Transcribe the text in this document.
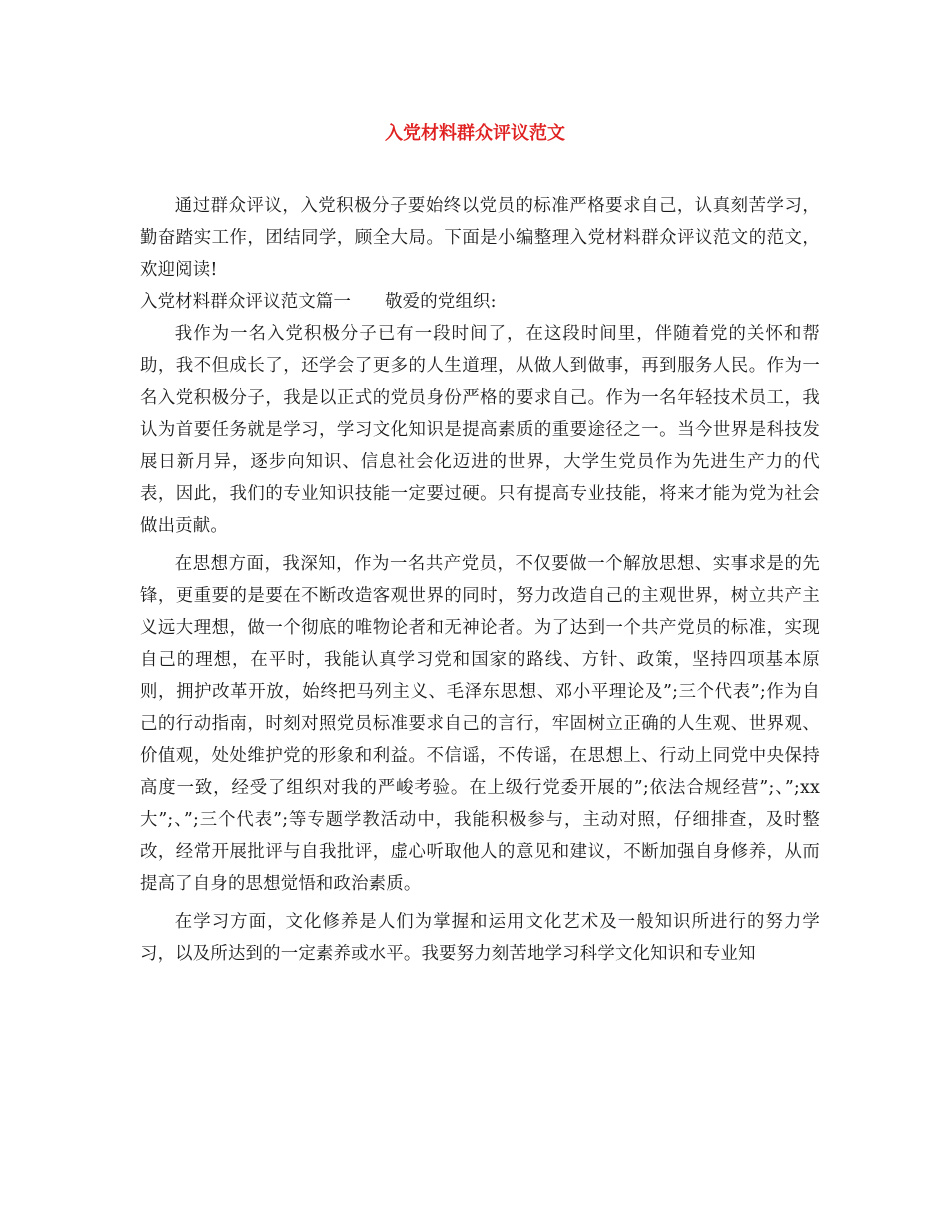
入党材料群众评议范文

通过群众评议，入党积极分子要始终以党员的标准严格要求自己，认真刻苦学习，勤奋踏实工作，团结同学，顾全大局。下面是小编整理入党材料群众评议范文的范文，欢迎阅读!

入党材料群众评议范文篇一 敬爱的党组织:

我作为一名入党积极分子已有一段时间了，在这段时间里，伴随着党的关怀和帮助，我不但成长了，还学会了更多的人生道理，从做人到做事，再到服务人民。作为一名入党积极分子，我是以正式的党员身份严格的要求自己。作为一名年轻技术员工，我认为首要任务就是学习，学习文化知识是提高素质的重要途径之一。当今世界是科技发展日新月异，逐步向知识、信息社会化迈进的世界，大学生党员作为先进生产力的代表，因此，我们的专业知识技能一定要过硬。只有提高专业技能，将来才能为党为社会做出贡献。

在思想方面，我深知，作为一名共产党员，不仅要做一个解放思想、实事求是的先锋，更重要的是要在不断改造客观世界的同时，努力改造自己的主观世界，树立共产主义远大理想，做一个彻底的唯物论者和无神论者。为了达到一个共产党员的标准，实现自己的理想，在平时，我能认真学习党和国家的路线、方针、政策，坚持四项基本原则，拥护改革开放，始终把马列主义、毛泽东思想、邓小平理论及”;三个代表”;作为自己的行动指南，时刻对照党员标准要求自己的言行，牢固树立正确的人生观、世界观、价值观，处处维护党的形象和利益。不信谣，不传谣，在思想上、行动上同党中央保持高度一致，经受了组织对我的严峻考验。在上级行党委开展的”;依法合规经营”;、”;xx大”;、”;三个代表”;等专题学教活动中，我能积极参与，主动对照，仔细排查，及时整改，经常开展批评与自我批评，虚心听取他人的意见和建议，不断加强自身修养，从而提高了自身的思想觉悟和政治素质。

在学习方面，文化修养是人们为掌握和运用文化艺术及一般知识所进行的努力学习，以及所达到的一定素养或水平。我要努力刻苦地学习科学文化知识和专业知
